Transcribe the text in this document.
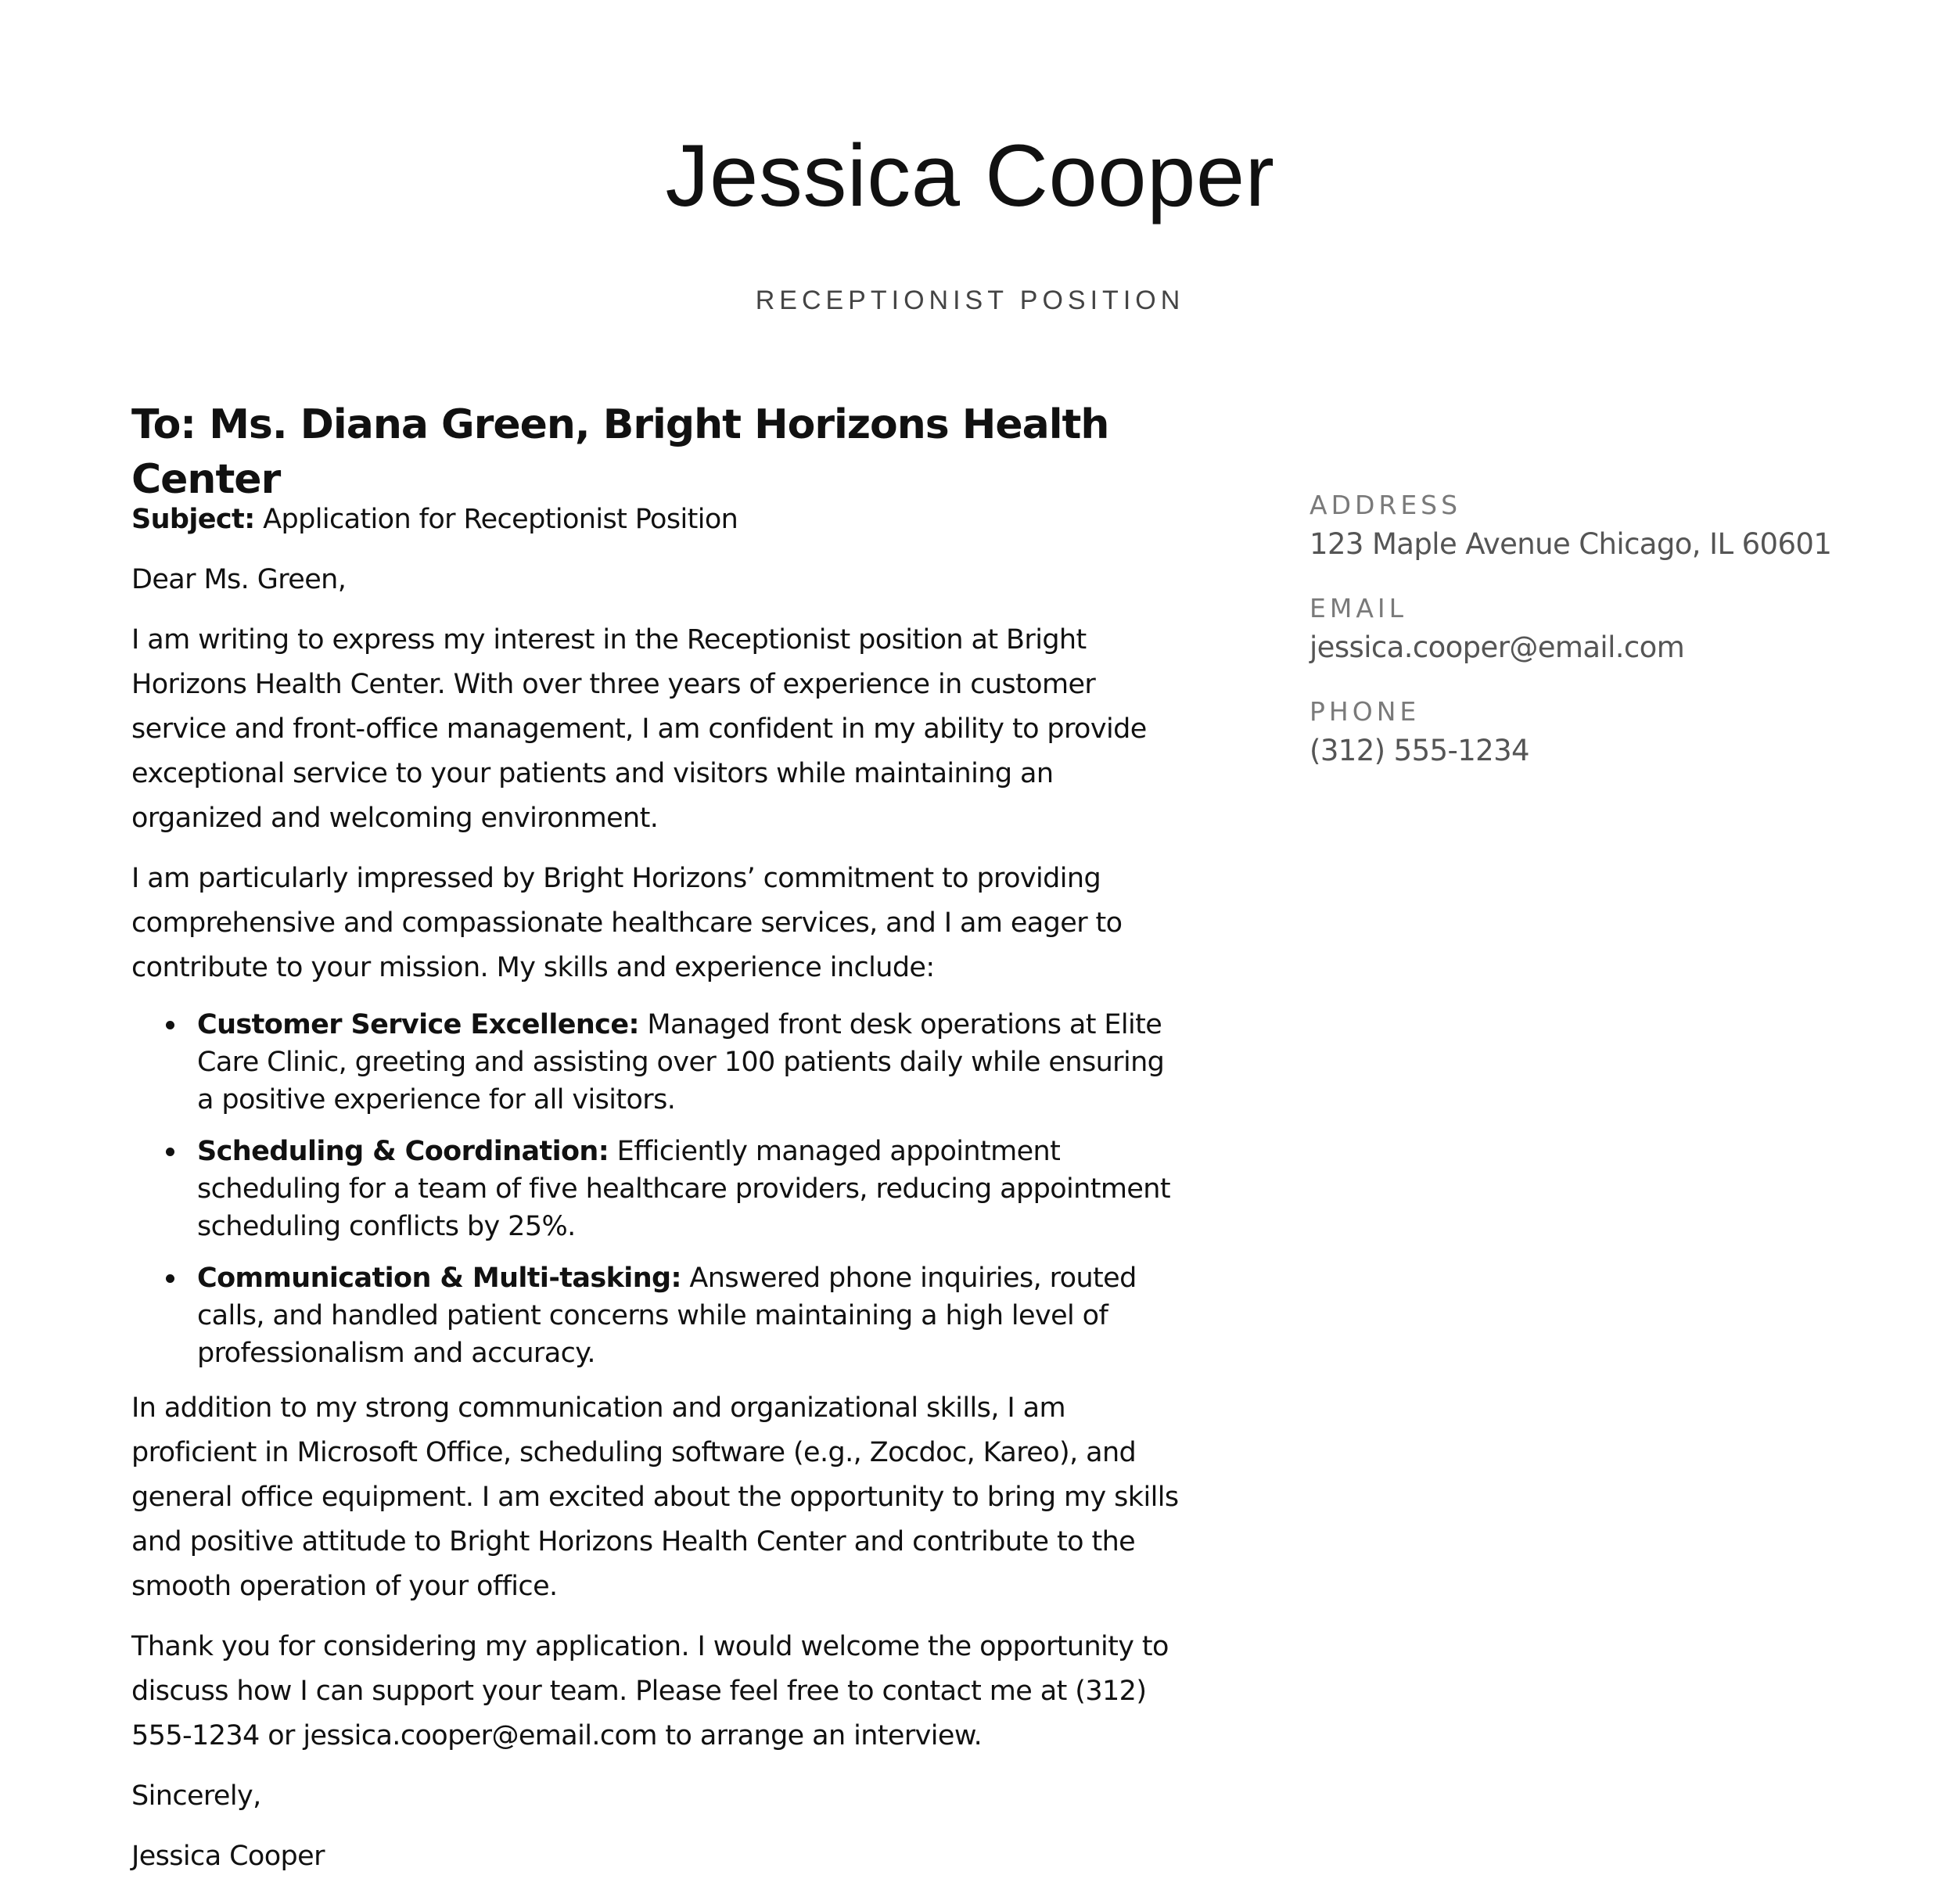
Jessica Cooper
RECEPTIONIST POSITION
To: Ms. Diana Green, Bright Horizons Health Center

Subject: Application for Receptionist Position

Dear Ms. Green,

I am writing to express my interest in the Receptionist position at Bright Horizons Health Center. With over three years of experience in customer service and front-office management, I am confident in my ability to provide exceptional service to your patients and visitors while maintaining an organized and welcoming environment.

I am particularly impressed by Bright Horizons’ commitment to providing comprehensive and compassionate healthcare services, and I am eager to contribute to your mission. My skills and experience include:

Customer Service Excellence: Managed front desk operations at Elite Care Clinic, greeting and assisting over 100 patients daily while ensuring a positive experience for all visitors.
Scheduling & Coordination: Efficiently managed appointment scheduling for a team of five healthcare providers, reducing appointment scheduling conflicts by 25%.
Communication & Multi-tasking: Answered phone inquiries, routed calls, and handled patient concerns while maintaining a high level of professionalism and accuracy.

In addition to my strong communication and organizational skills, I am proficient in Microsoft Office, scheduling software (e.g., Zocdoc, Kareo), and general office equipment. I am excited about the opportunity to bring my skills and positive attitude to Bright Horizons Health Center and contribute to the smooth operation of your office.

Thank you for considering my application. I would welcome the opportunity to discuss how I can support your team. Please feel free to contact me at (312) 555-1234 or jessica.cooper@email.com to arrange an interview.

Sincerely,

Jessica Cooper

ADDRESS

123 Maple Avenue Chicago, IL 60601

EMAIL

jessica.cooper@email.com

PHONE

(312) 555-1234
